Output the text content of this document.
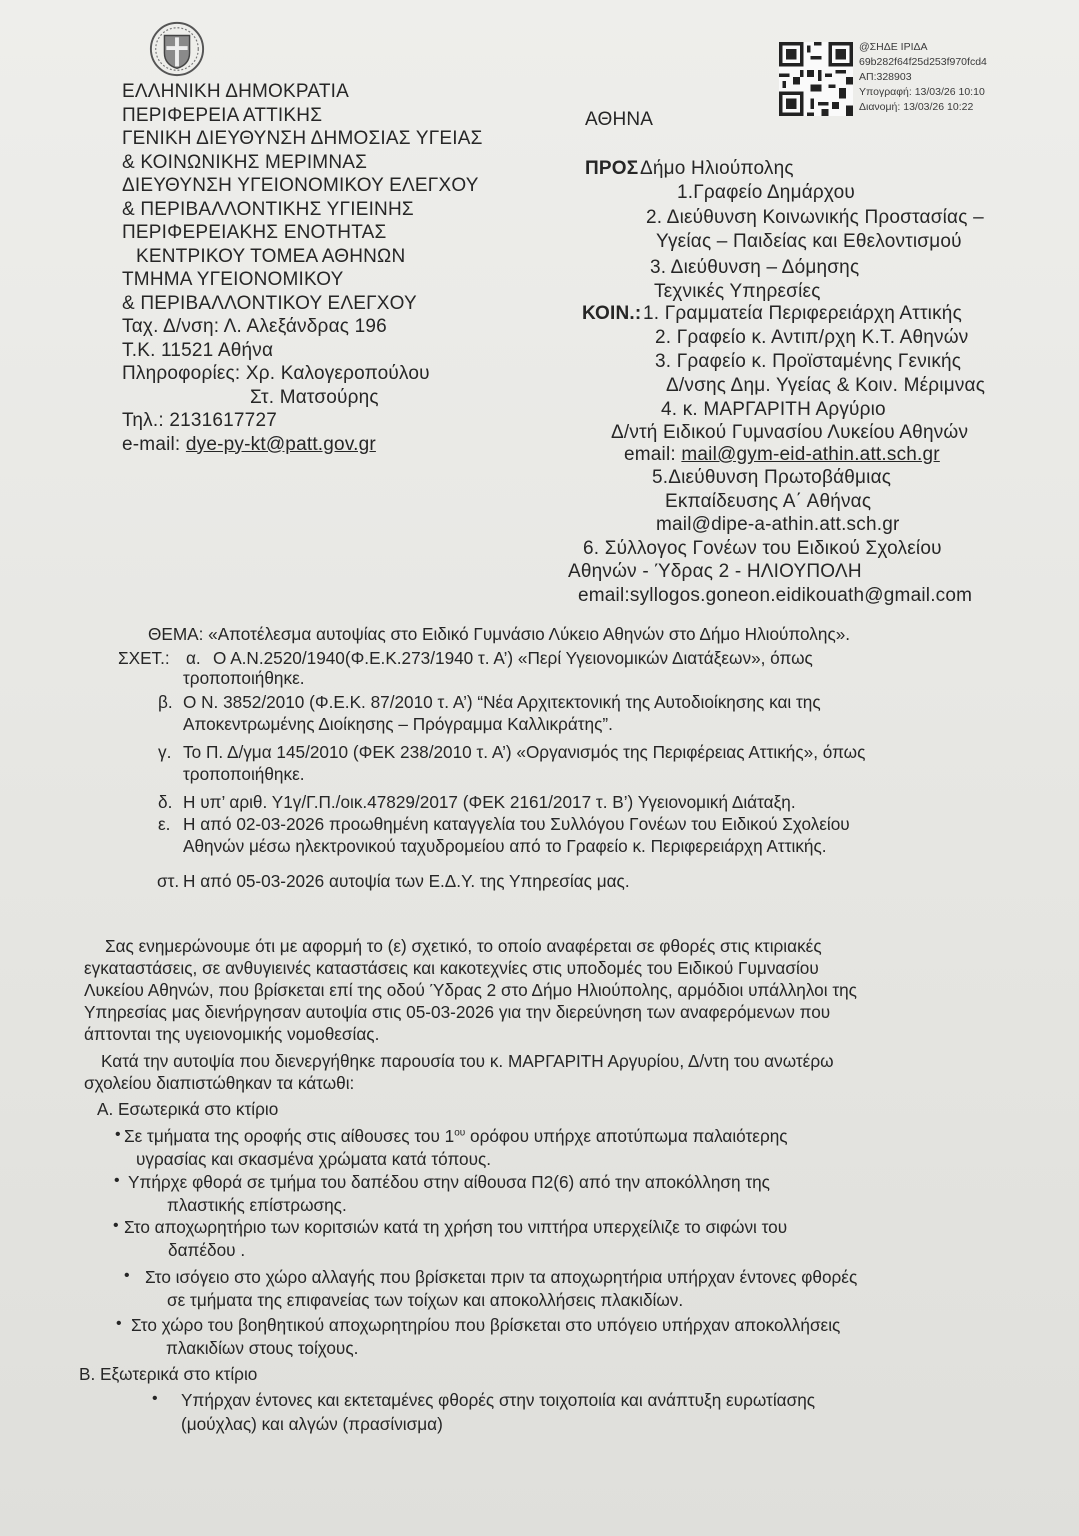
ΕΛΛΗΝΙΚΗ ΔΗΜΟΚΡΑΤΙΑ
ΠΕΡΙΦΕΡΕΙΑ ΑΤΤΙΚΗΣ
ΓΕΝΙΚΗ ΔΙΕΥΘΥΝΣΗ ΔΗΜΟΣΙΑΣ ΥΓΕΙΑΣ
& ΚΟΙΝΩΝΙΚΗΣ ΜΕΡΙΜΝΑΣ
ΔΙΕΥΘΥΝΣΗ ΥΓΕΙΟΝΟΜΙΚΟΥ ΕΛΕΓΧΟΥ
& ΠΕΡΙΒΑΛΛΟΝΤΙΚΗΣ ΥΓΙΕΙΝΗΣ
ΠΕΡΙΦΕΡΕΙΑΚΗΣ ΕΝΟΤΗΤΑΣ
ΚΕΝΤΡΙΚΟΥ ΤΟΜΕΑ ΑΘΗΝΩΝ
ΤΜΗΜΑ ΥΓΕΙΟΝΟΜΙΚΟΥ
& ΠΕΡΙΒΑΛΛΟΝΤΙΚΟΥ ΕΛΕΓΧΟΥ
Ταχ. Δ/νση: Λ. Αλεξάνδρας 196
Τ.Κ. 11521 Αθήνα
Πληροφορίες: Χρ. Καλογεροπούλου
Στ. Ματσούρης
Τηλ.: 2131617727
e-mail: dye-py-kt@patt.gov.gr
ΑΘΗΝΑ
@ΣΗΔΕ ΙΡΙΔΑ
69b282f64f25d253f970fcd4
ΑΠ:328903
Υπογραφή: 13/03/26 10:10
Διανομή: 13/03/26 10:22
ΠΡΟΣ Δήμο Ηλιούπολης
1.Γραφείο Δημάρχου
2. Διεύθυνση Κοινωνικής Προστασίας –
Υγείας – Παιδείας και Εθελοντισμού
3. Διεύθυνση – Δόμησης
Τεχνικές Υπηρεσίες
ΚΟΙΝ.: 1. Γραμματεία Περιφερειάρχη Αττικής
2. Γραφείο κ. Αντιπ/ρχη Κ.Τ. Αθηνών
3. Γραφείο κ. Προϊσταμένης Γενικής
Δ/νσης Δημ. Υγείας & Κοιν. Μέριμνας
4. κ. ΜΑΡΓΑΡΙΤΗ Αργύριο
Δ/ντή Ειδικού Γυμνασίου Λυκείου Αθηνών
email: mail@gym-eid-athin.att.sch.gr
5.Διεύθυνση Πρωτοβάθμιας
Εκπαίδευσης Α΄ Αθήνας
mail@dipe-a-athin.att.sch.gr
6. Σύλλογος Γονέων του Ειδικού Σχολείου
Αθηνών - Ύδρας 2 - ΗΛΙΟΥΠΟΛΗ
email:syllogos.goneon.eidikouath@gmail.com
ΘΕΜΑ: «Αποτέλεσμα αυτοψίας στο Ειδικό Γυμνάσιο Λύκειο Αθηνών στο Δήμο Ηλιούπολης».
ΣΧΕΤ.: α. Ο Α.Ν.2520/1940(Φ.Ε.Κ.273/1940 τ. Α’) «Περί Υγειονομικών Διατάξεων», όπως
τροποποιήθηκε.
β. Ο Ν. 3852/2010 (Φ.Ε.Κ. 87/2010 τ. Α’) “Νέα Αρχιτεκτονική της Αυτοδιοίκησης και της
Αποκεντρωμένης Διοίκησης – Πρόγραμμα Καλλικράτης”.
γ. Το Π. Δ/γμα 145/2010 (ΦΕΚ 238/2010 τ. Α’) «Οργανισμός της Περιφέρειας Αττικής», όπως
τροποποιήθηκε.
δ. Η υπ’ αριθ. Υ1γ/Γ.Π./οικ.47829/2017 (ΦΕΚ 2161/2017 τ. Β’) Υγειονομική Διάταξη.
ε. Η από 02-03-2026 προωθημένη καταγγελία του Συλλόγου Γονέων του Ειδικού Σχολείου
Αθηνών μέσω ηλεκτρονικού ταχυδρομείου από το Γραφείο κ. Περιφερειάρχη Αττικής.
στ. Η από 05-03-2026 αυτοψία των Ε.Δ.Υ. της Υπηρεσίας μας.
Σας ενημερώνουμε ότι με αφορμή το (ε) σχετικό, το οποίο αναφέρεται σε φθορές στις κτιριακές
εγκαταστάσεις, σε ανθυγιεινές καταστάσεις και κακοτεχνίες στις υποδομές του Ειδικού Γυμνασίου
Λυκείου Αθηνών, που βρίσκεται επί της οδού Ύδρας 2 στο Δήμο Ηλιούπολης, αρμόδιοι υπάλληλοι της
Υπηρεσίας μας διενήργησαν αυτοψία στις 05-03-2026 για την διερεύνηση των αναφερόμενων που
άπτονται της υγειονομικής νομοθεσίας.
Κατά την αυτοψία που διενεργήθηκε παρουσία του κ. ΜΑΡΓΑΡΙΤΗ Αργυρίου, Δ/ντη του ανωτέρω
σχολείου διαπιστώθηκαν τα κάτωθι:
Α. Εσωτερικά στο κτίριο
• Σε τμήματα της οροφής στις αίθουσες του $1^{o\upsilon}$ ορόφου υπήρχε αποτύπωμα παλαιότερης
υγρασίας και σκασμένα χρώματα κατά τόπους.
• Υπήρχε φθορά σε τμήμα του δαπέδου στην αίθουσα Π2(6) από την αποκόλληση της
πλαστικής επίστρωσης.
• Στο αποχωρητήριο των κοριτσιών κατά τη χρήση του νιπτήρα υπερχείλιζε το σιφώνι του
δαπέδου .
• Στο ισόγειο στο χώρο αλλαγής που βρίσκεται πριν τα αποχωρητήρια υπήρχαν έντονες φθορές
σε τμήματα της επιφανείας των τοίχων και αποκολλήσεις πλακιδίων.
• Στο χώρο του βοηθητικού αποχωρητηρίου που βρίσκεται στο υπόγειο υπήρχαν αποκολλήσεις
πλακιδίων στους τοίχους.
Β. Εξωτερικά στο κτίριο
• Υπήρχαν έντονες και εκτεταμένες φθορές στην τοιχοποιία και ανάπτυξη ευρωτίασης
(μούχλας) και αλγών (πρασίνισμα)
